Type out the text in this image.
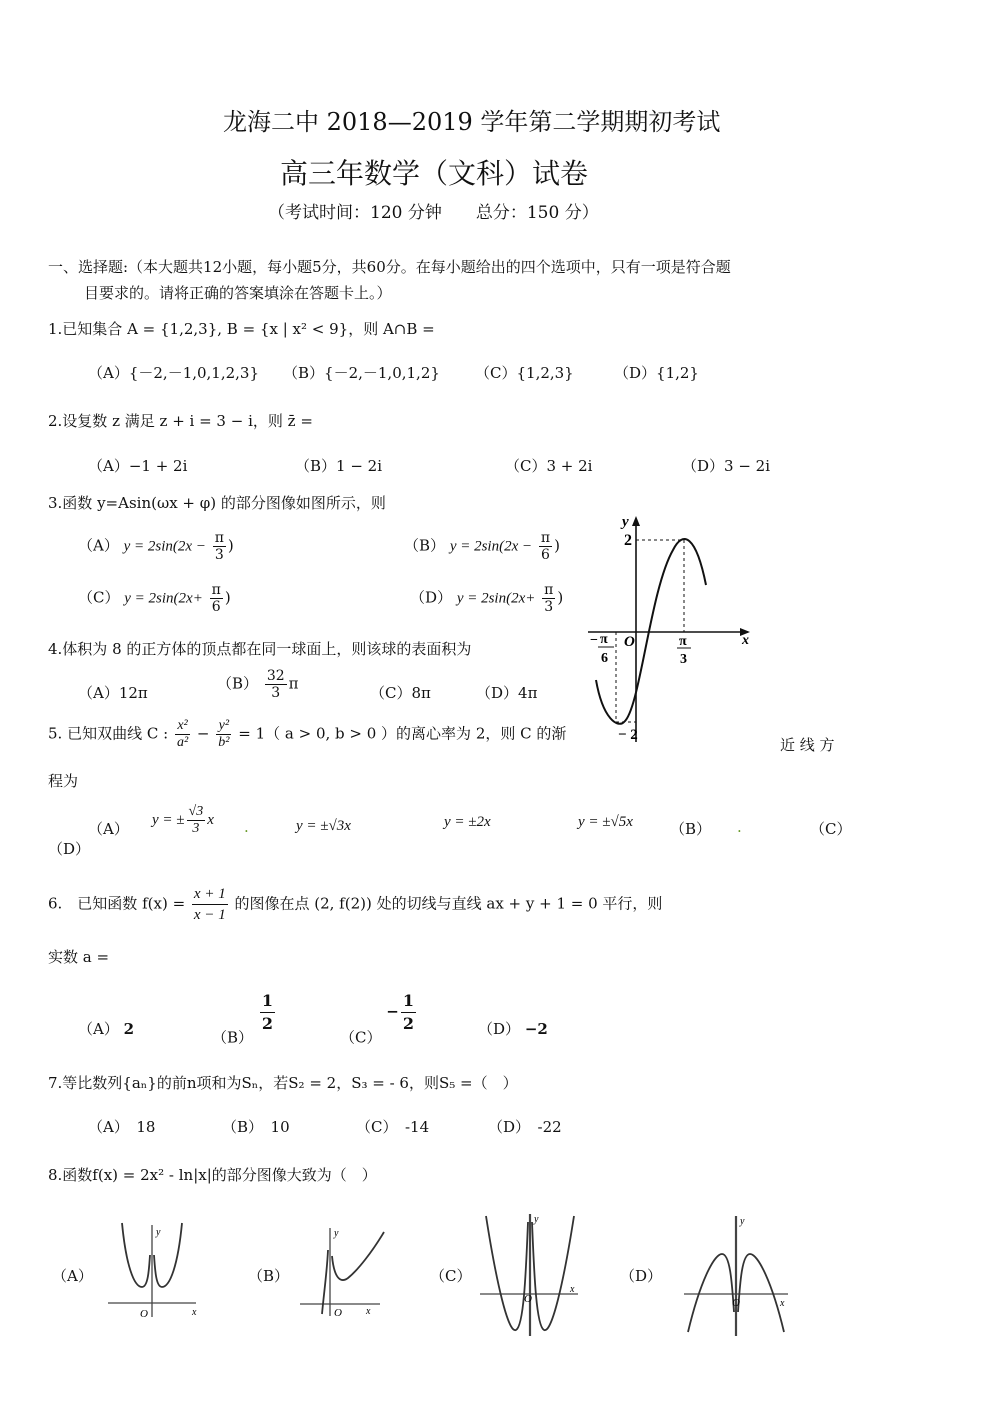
龙海二中 2018—2019 学年第二学期期初考试
高三年数学（文科）试卷
（考试时间：120 分钟　　总分：150 分）
一、选择题:（本大题共12小题，每小题5分，共60分。在每小题给出的四个选项中，只有一项是符合题
目要求的。请将正确的答案填涂在答题卡上。）
1.已知集合 A = {1,2,3}, B = {x | x² < 9}，则 A∩B =
（A）{－2,－1,0,1,2,3} （B）{－2,－1,0,1,2} （C）{1,2,3}	（D）{1,2}
2.设复数 z 满足 z + i = 3 − i，则 z̄ =
（A）−1 + 2i	（B）1 − 2i	（C）3 + 2i	（D）3 − 2i
3.函数 y=Asin(ωx + φ) 的部分图像如图所示，则
（A） $y = 2\sin(2x - \frac{\pi}{3}$ )	（B） $y = 2\sin(2x - \frac{\pi}{6}$ )
（C） $y = 2\sin(2x+ \frac{\pi}{6}$ )	（D） $y = 2\sin(2x+ \frac{\pi}{3}$ )
y
x
O
2
− 2
− π
6
π
3
4.体积为 8 的正方体的顶点都在同一球面上，则该球的表面积为
（A）12π
$(B) \frac{32}{3}$ π
（C）8π	（D）4π
5. 已知双曲线 C : $\frac{\text{x²}}{\text{a²}} - \frac{\text{y²}}{\text{b²}} = 1$（ a > 0, b > 0 ）的离心率为 2，则 C 的渐
近 线 方
程为
（A）
y = ± $\frac{√3}{3}$ x .	y = ±√3x	y = ±2x	y = ±√5x （B） .	（C）
（D）
6.　已知函数 $f(x) = \frac{x + 1}{x - 1}$ 的图像在点 (2, f(2)) 处的切线与直线 ax + y + 1 = 0 平行，则
实数 a =
（A） 2	（B）
$\frac{1}{2}$
$(C) - \frac{1}{2}$	（D） −2
7.等比数列{aₙ}的前n项和为Sₙ，若S₂ = 2，S₃ = - 6，则S₅ =（　）
（A）　18	（B）　10	（C）　-14	（D）　-22
8.函数f(x) = 2x² - ln|x|的部分图像大致为（　）
（A）	（B）	（C）	（D）
y
x
O
y
x
O
y
x
O
y
x
O
